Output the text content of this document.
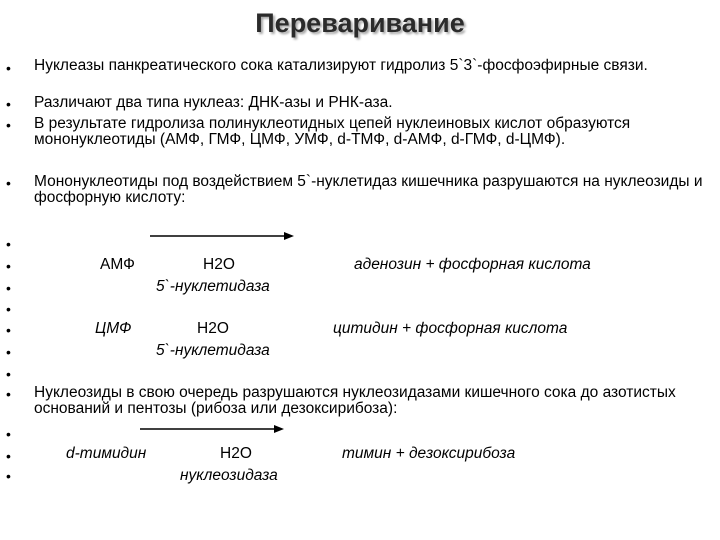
Переваривание
•
•
•
•
•
•
•
•
•
•
•
•
•
•
•
Нуклеазы панкреатического сока катализируют гидролиз 5`3`-фосфоэфирные связи.
Различают два типа нуклеаз: ДНК-азы и РНК-аза.
В результате гидролиза полинуклеотидных цепей нуклеиновых кислот образуются мононуклеотиды (АМФ, ГМФ, ЦМФ, УМФ, d-ТМФ, d-АМФ, d-ГМФ, d-ЦМФ).
Мононуклеотиды под воздействием 5`-нуклетидаз кишечника разрушаются на нуклеозиды и фосфорную кислоту:
Нуклеозиды в свою очередь разрушаются нуклеозидазами кишечного сока до азотистых оснований и пентозы (рибоза или дезоксирибоза):
АМФ	H2O	аденозин + фосфорная кислота
5`-нуклетидаза
ЦМФ	H2O	цитидин + фосфорная кислота
5`-нуклетидаза
d-тимидин	H2O	тимин + дезоксирибоза
нуклеозидаза
